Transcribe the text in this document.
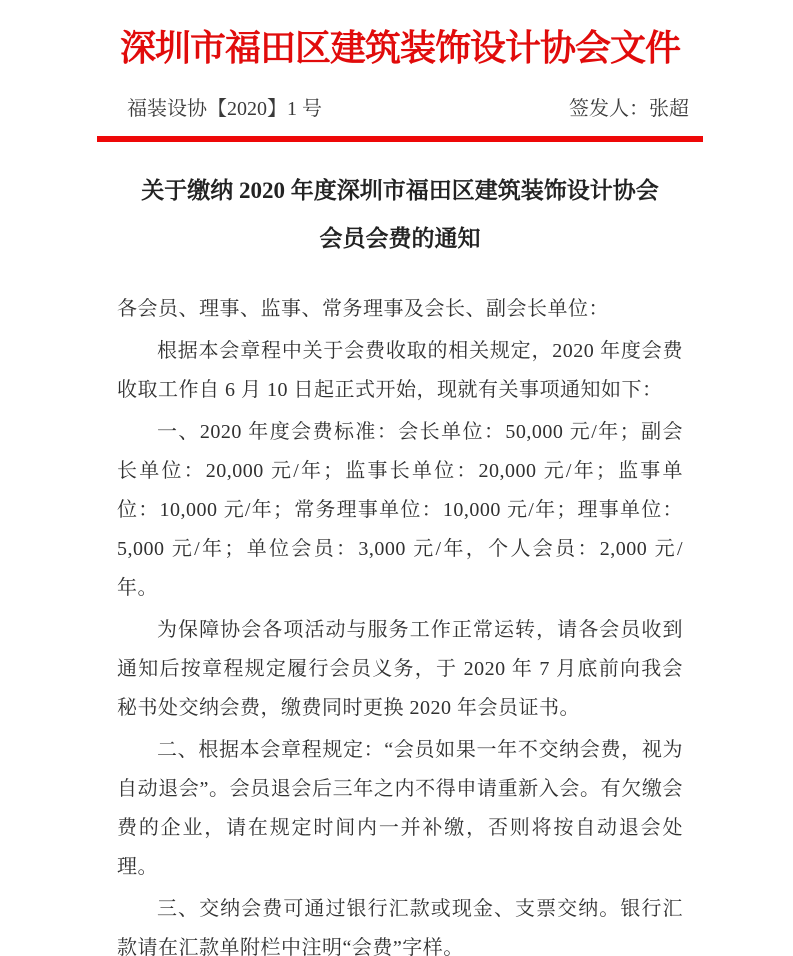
深圳市福田区建筑装饰设计协会文件
福装设协【2020】1 号	签发人：张超
关于缴纳 2020 年度深圳市福田区建筑装饰设计协会
会员会费的通知

各会员、理事、监事、常务理事及会长、副会长单位：

根据本会章程中关于会费收取的相关规定，2020 年度会费收取工作自 6 月 10 日起正式开始，现就有关事项通知如下：

一、2020 年度会费标准：会长单位：50,000 元/年；副会长单位：20,000 元/年；监事长单位：20,000 元/年；监事单位：10,000 元/年；常务理事单位：10,000 元/年；理事单位：5,000 元/年；单位会员：3,000 元/年，个人会员：2,000 元/年。

为保障协会各项活动与服务工作正常运转，请各会员收到通知后按章程规定履行会员义务，于 2020 年 7 月底前向我会秘书处交纳会费，缴费同时更换 2020 年会员证书。

二、根据本会章程规定：“会员如果一年不交纳会费，视为自动退会”。会员退会后三年之内不得申请重新入会。有欠缴会费的企业，请在规定时间内一并补缴，否则将按自动退会处理。

三、交纳会费可通过银行汇款或现金、支票交纳。银行汇款请在汇款单附栏中注明“会费”字样。
